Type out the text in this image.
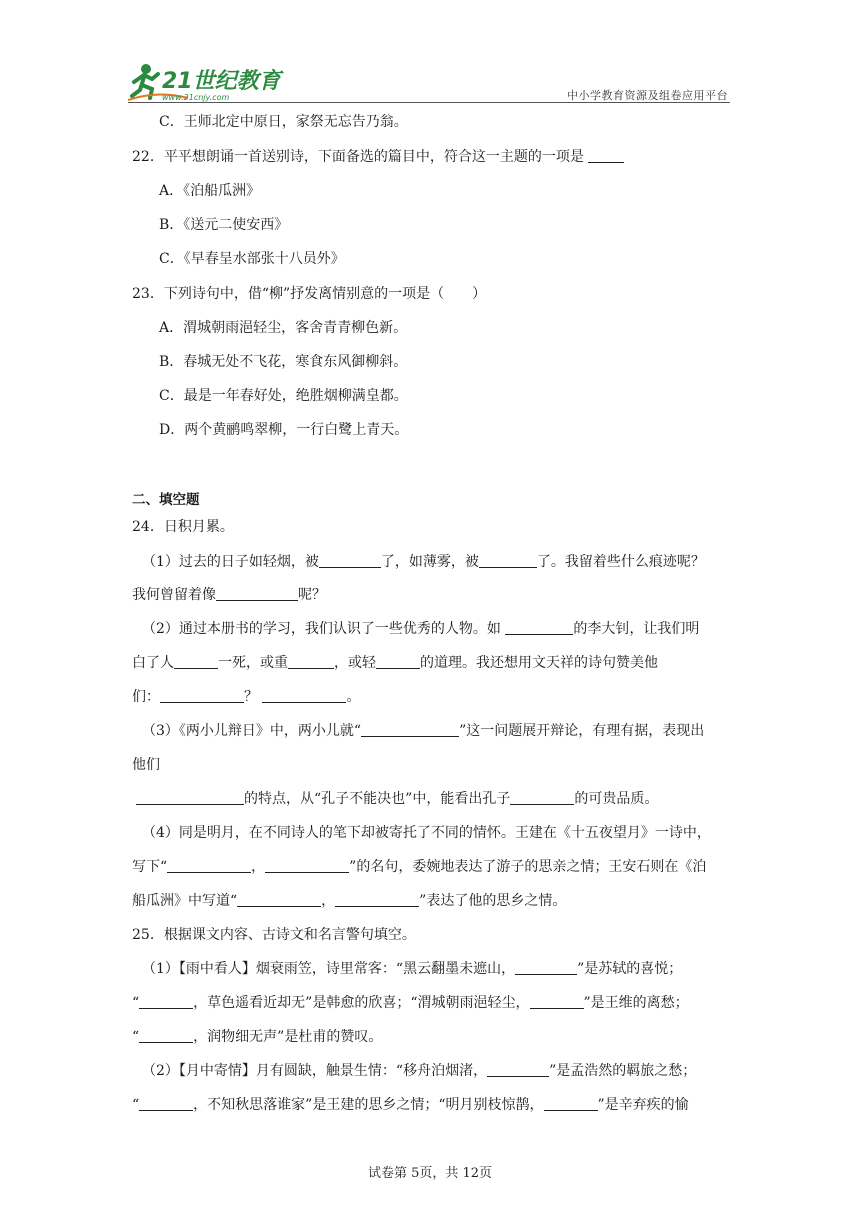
21世纪教育
www.21cnjy.com	中小学教育资源及组卷应用平台
C．王师北定中原日，家祭无忘告乃翁。
22．平平想朗诵一首送别诗，下面备选的篇目中，符合这一主题的一项是
A．《泊船瓜洲》
B．《送元二使安西》
C．《早春呈水部张十八员外》
23．下列诗句中，借“柳”抒发离情别意的一项是（　　）
A．渭城朝雨浥轻尘，客舍青青柳色新。
B．春城无处不飞花，寒食东风御柳斜。
C．最是一年春好处，绝胜烟柳满皇都。
D．两个黄鹂鸣翠柳，一行白鹭上青天。
二、填空题
24．日积月累。
（1）过去的日子如轻烟，被	了，如薄雾，被	了。我留着些什么痕迹呢？
我何曾留着像	呢？
（2）通过本册书的学习，我们认识了一些优秀的人物。如	的李大钊，让我们明
白了人	一死，或重	，或轻	的道理。我还想用文天祥的诗句赞美他
们：	？	。
（3）《两小儿辩日》中，两小儿就“	”这一问题展开辩论，有理有据，表现出
他们
的特点，从“孔子不能决也”中，能看出孔子	的可贵品质。
（4）同是明月，在不同诗人的笔下却被寄托了不同的情怀。王建在《十五夜望月》一诗中，
写下“	，	”的名句，委婉地表达了游子的思亲之情；王安石则在《泊
船瓜洲》中写道“	，	”表达了他的思乡之情。
25．根据课文内容、古诗文和名言警句填空。
（1）【雨中看人】烟衰雨笠，诗里常客：“黑云翻墨未遮山，	”是苏轼的喜悦；
“	，草色遥看近却无”是韩愈的欣喜；“渭城朝雨浥轻尘，	”是王维的离愁；
“	，润物细无声”是杜甫的赞叹。
（2）【月中寄情】月有圆缺，触景生情：“移舟泊烟渚，	”是孟浩然的羁旅之愁；
“	，不知秋思落谁家”是王建的思乡之情；“明月别枝惊鹊，	”是辛弃疾的愉
试卷第 5页，共 12页
